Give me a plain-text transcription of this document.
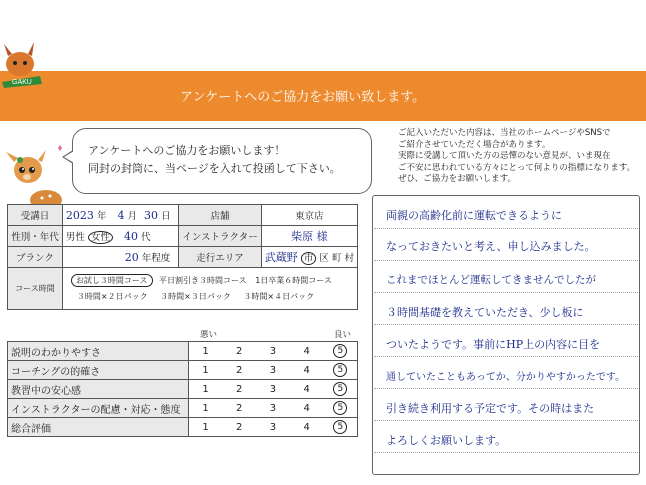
アンケートへのご協力をお願い致します。
GAKU
アンケートへのご協力をお願いします！
同封の封筒に、当ページを入れて投函して下さい。
受講日	2023 年 4 月 30 日	店舗	東京店
性別・年代	男性 女性 40 代	インストラクター	柴原 様
ブランク	20 年程度	走行エリア	武蔵野 市 区 町 村
コース時間	お試し３時間コース 平日割引き３時間コース 1日卒業６時間コース
３時間×２日パック ３時間×３日パック ３時間×４日パック		
悪い	良い
説明のわかりやすさ	1	2	3	4	5
コーチングの的確さ	1	2	3	4	5
教習中の安心感	1	2	3	4	5
インストラクターの配慮・対応・態度	1	2	3	4	5
総合評価	1	2	3	4	5
ご記入いただいた内容は、当社のホームページやSNSで
ご紹介させていただく場合があります。
実際に受講して頂いた方の忌憚のない意見が、いま現在
ご不安に思われている方々にとって何よりの指標になります。
ぜひ、ご協力をお願いします。
両親の高齢化前に運転できるように
なっておきたいと考え、申し込みました。
これまでほとんど運転してきませんでしたが
３時間基礎を教えていただき、少し板に
ついたようです。事前にHP上の内容に目を
通していたこともあってか、分かりやすかったです。
引き続き利用する予定です。その時はまた
よろしくお願いします。
